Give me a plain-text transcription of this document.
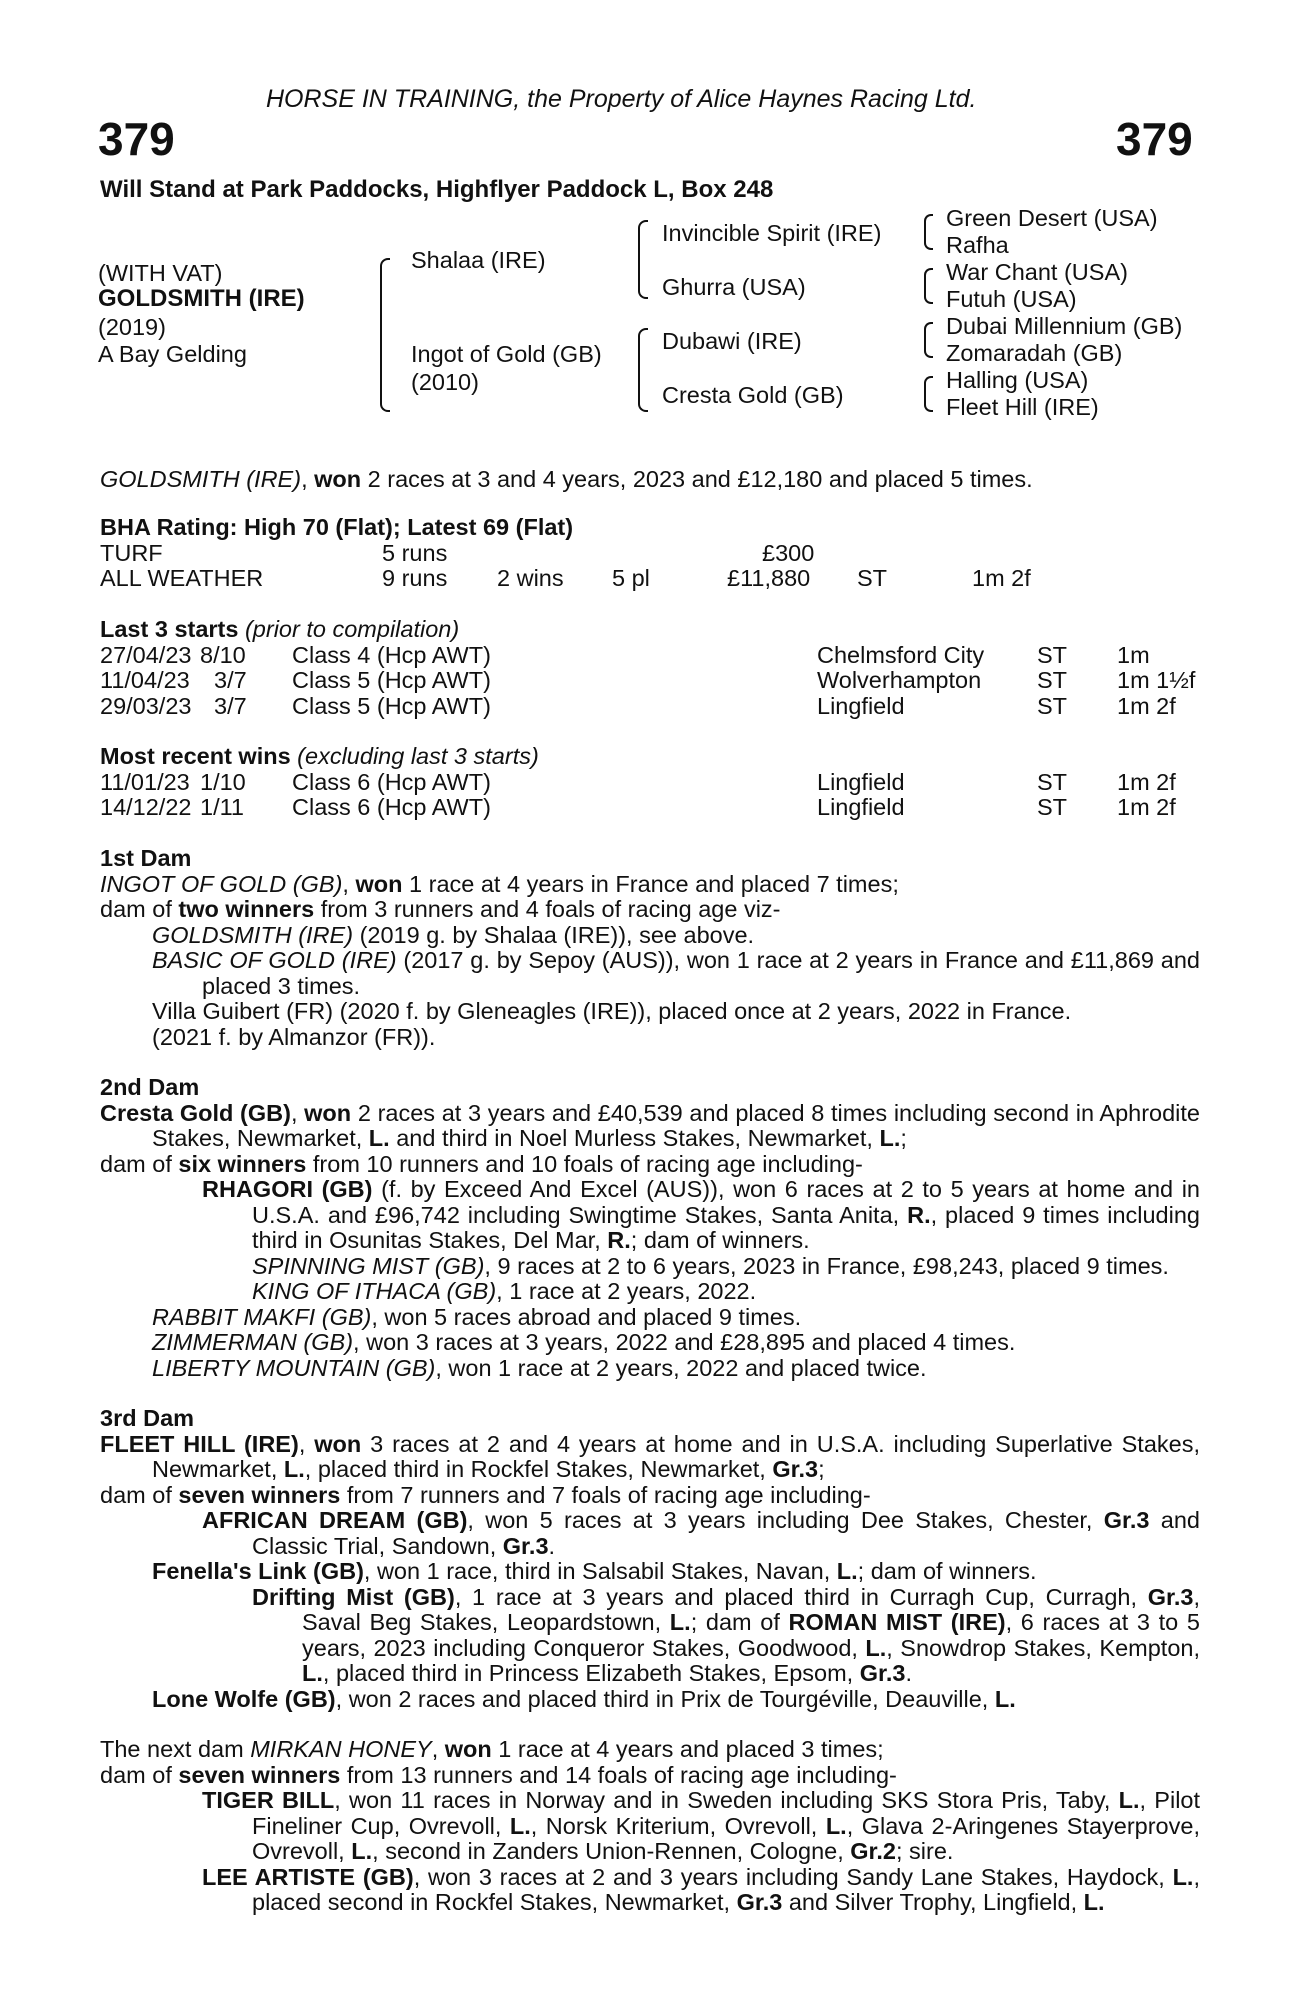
HORSE IN TRAINING, the Property of Alice Haynes Racing Ltd.
379	379
Will Stand at Park Paddocks, Highflyer Paddock L, Box 248
(WITH VAT)
GOLDSMITH (IRE)
(2019)
A Bay Gelding
Shalaa (IRE)
Ingot of Gold (GB)
(2010)
Invincible Spirit (IRE)
Ghurra (USA)
Dubawi (IRE)
Cresta Gold (GB)
Green Desert (USA)
Rafha
War Chant (USA)
Futuh (USA)
Dubai Millennium (GB)
Zomaradah (GB)
Halling (USA)
Fleet Hill (IRE)
GOLDSMITH (IRE), won 2 races at 3 and 4 years, 2023 and £12,180 and placed 5 times.
BHA Rating: High 70 (Flat); Latest 69 (Flat)
TURF	5 runs	£300
ALL WEATHER	9 runs 2 wins 5 pl	£11,880 ST	1m 2f
Last 3 starts (prior to compilation)
27/04/23 8/10 Class 4 (Hcp AWT)	Chelmsford City ST 1m
11/04/23 3/7 Class 5 (Hcp AWT)	Wolverhampton ST 1m 1½f
29/03/23 3/7 Class 5 (Hcp AWT)	Lingfield	ST 1m 2f
Most recent wins (excluding last 3 starts)
11/01/23 1/10 Class 6 (Hcp AWT)	Lingfield	ST 1m 2f
14/12/22 1/11 Class 6 (Hcp AWT)	Lingfield	ST 1m 2f

1st Dam

INGOT OF GOLD (GB), won 1 race at 4 years in France and placed 7 times;

dam of two winners from 3 runners and 4 foals of racing age viz-

GOLDSMITH (IRE) (2019 g. by Shalaa (IRE)), see above.

BASIC OF GOLD (IRE) (2017 g. by Sepoy (AUS)), won 1 race at 2 years in France and £11,869 and placed 3 times.

Villa Guibert (FR) (2020 f. by Gleneagles (IRE)), placed once at 2 years, 2022 in France.

(2021 f. by Almanzor (FR)).

2nd Dam

Cresta Gold (GB), won 2 races at 3 years and £40,539 and placed 8 times including second in Aphrodite Stakes, Newmarket, L. and third in Noel Murless Stakes, Newmarket, L.;

dam of six winners from 10 runners and 10 foals of racing age including-

RHAGORI (GB) (f. by Exceed And Excel (AUS)), won 6 races at 2 to 5 years at home and in U.S.A. and £96,742 including Swingtime Stakes, Santa Anita, R., placed 9 times including third in Osunitas Stakes, Del Mar, R.; dam of winners.

SPINNING MIST (GB), 9 races at 2 to 6 years, 2023 in France, £98,243, placed 9 times.

KING OF ITHACA (GB), 1 race at 2 years, 2022.

RABBIT MAKFI (GB), won 5 races abroad and placed 9 times.

ZIMMERMAN (GB), won 3 races at 3 years, 2022 and £28,895 and placed 4 times.

LIBERTY MOUNTAIN (GB), won 1 race at 2 years, 2022 and placed twice.

3rd Dam

FLEET HILL (IRE), won 3 races at 2 and 4 years at home and in U.S.A. including Superlative Stakes, Newmarket, L., placed third in Rockfel Stakes, Newmarket, Gr.3;

dam of seven winners from 7 runners and 7 foals of racing age including-

AFRICAN DREAM (GB), won 5 races at 3 years including Dee Stakes, Chester, Gr.3 and Classic Trial, Sandown, Gr.3.

Fenella's Link (GB), won 1 race, third in Salsabil Stakes, Navan, L.; dam of winners.

Drifting Mist (GB), 1 race at 3 years and placed third in Curragh Cup, Curragh, Gr.3, Saval Beg Stakes, Leopardstown, L.; dam of ROMAN MIST (IRE), 6 races at 3 to 5 years, 2023 including Conqueror Stakes, Goodwood, L., Snowdrop Stakes, Kempton, L., placed third in Princess Elizabeth Stakes, Epsom, Gr.3.

Lone Wolfe (GB), won 2 races and placed third in Prix de Tourgéville, Deauville, L.

The next dam MIRKAN HONEY, won 1 race at 4 years and placed 3 times;

dam of seven winners from 13 runners and 14 foals of racing age including-

TIGER BILL, won 11 races in Norway and in Sweden including SKS Stora Pris, Taby, L., Pilot Fineliner Cup, Ovrevoll, L., Norsk Kriterium, Ovrevoll, L., Glava 2-Aringenes Stayerprove, Ovrevoll, L., second in Zanders Union-Rennen, Cologne, Gr.2; sire.

LEE ARTISTE (GB), won 3 races at 2 and 3 years including Sandy Lane Stakes, Haydock, L., placed second in Rockfel Stakes, Newmarket, Gr.3 and Silver Trophy, Lingfield, L.
